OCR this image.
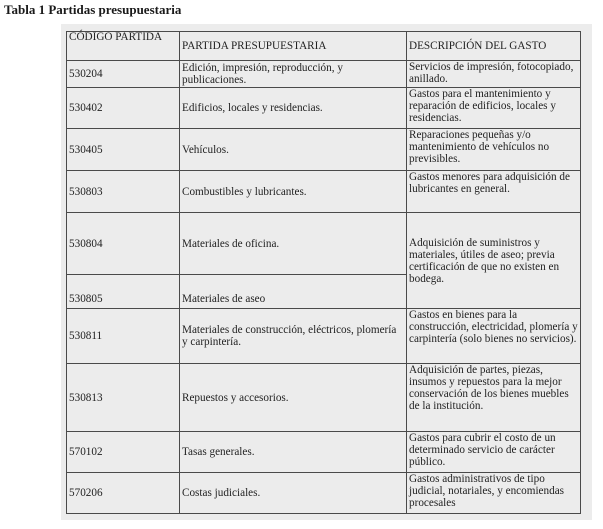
Tabla 1 Partidas presupuestaria
CÓDIGO PARTIDA	PARTIDA PRESUPUESTARIA	DESCRIPCIÓN DEL GASTO
530204	Edición, impresión, reproducción, y publicaciones.	Servicios de impresión, fotocopiado, anillado.
530402	Edificios, locales y residencias.	Gastos para el mantenimiento y reparación de edificios, locales y residencias.
530405	Vehículos.	Reparaciones pequeñas y/o mantenimiento de vehículos no previsibles.
530803	Combustibles y lubricantes.	Gastos menores para adquisición de lubricantes en general.
530804	Materiales de oficina.	Adquisición de suministros y materiales, útiles de aseo; previa certificación de que no existen en bodega.
530805	Materiales de aseo	
530811	Materiales de construcción, eléctricos, plomería y carpintería.	Gastos en bienes para la construcción, electricidad, plomería y carpintería (solo bienes no servicios).
530813	Repuestos y accesorios.	Adquisición de partes, piezas, insumos y repuestos para la mejor conservación de los bienes muebles de la institución.
570102	Tasas generales.	Gastos para cubrir el costo de un determinado servicio de carácter público.
570206	Costas judiciales.	Gastos administrativos de tipo judicial, notariales, y encomiendas procesales
